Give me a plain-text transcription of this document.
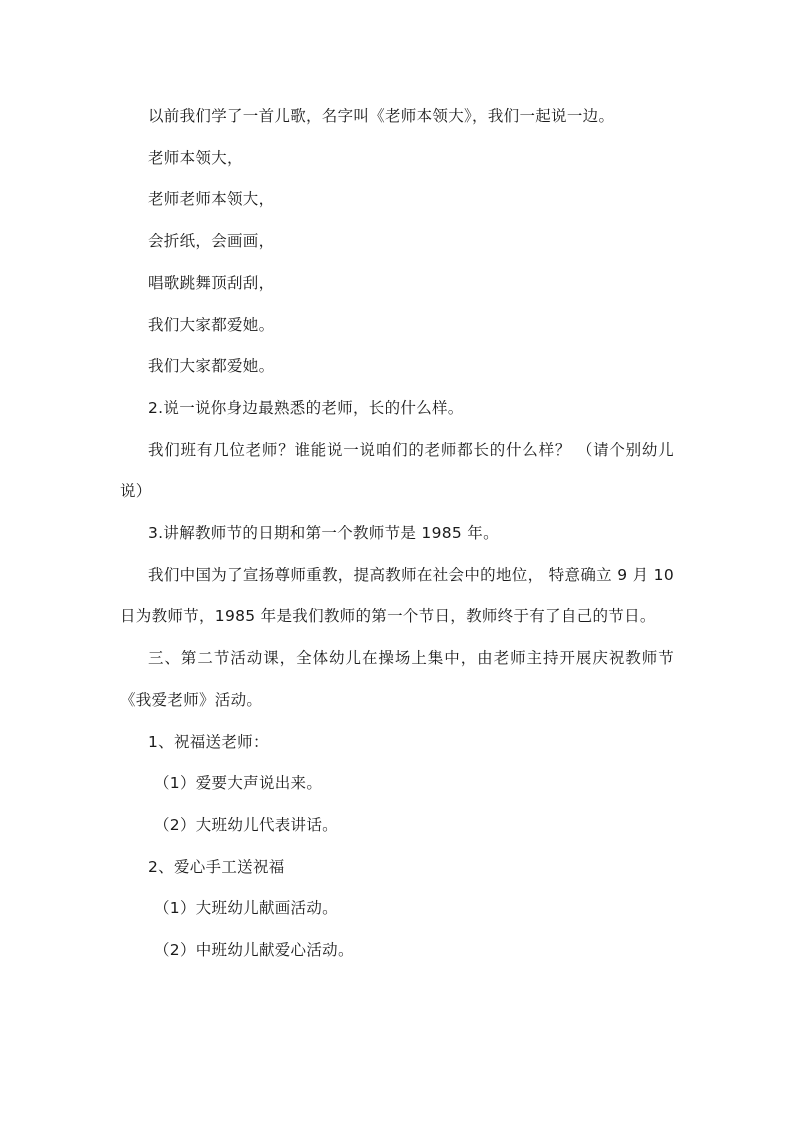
以前我们学了一首儿歌，名字叫《老师本领大》，我们一起说一边。

老师本领大，

老师老师本领大，

会折纸，会画画，

唱歌跳舞顶刮刮，

我们大家都爱她。

我们大家都爱她。

2.说一说你身边最熟悉的老师，长的什么样。

我们班有几位老师？谁能说一说咱们的老师都长的什么样？ （请个别幼儿说）

3.讲解教师节的日期和第一个教师节是 1985 年。

我们中国为了宣扬尊师重教，提高教师在社会中的地位， 特意确立 9 月 10 日为教师节，1985 年是我们教师的第一个节日，教师终于有了自己的节日。

三、第二节活动课，全体幼儿在操场上集中，由老师主持开展庆祝教师节《我爱老师》活动。

1、祝福送老师：

（1）爱要大声说出来。

（2）大班幼儿代表讲话。

2、爱心手工送祝福

（1）大班幼儿献画活动。

（2）中班幼儿献爱心活动。
